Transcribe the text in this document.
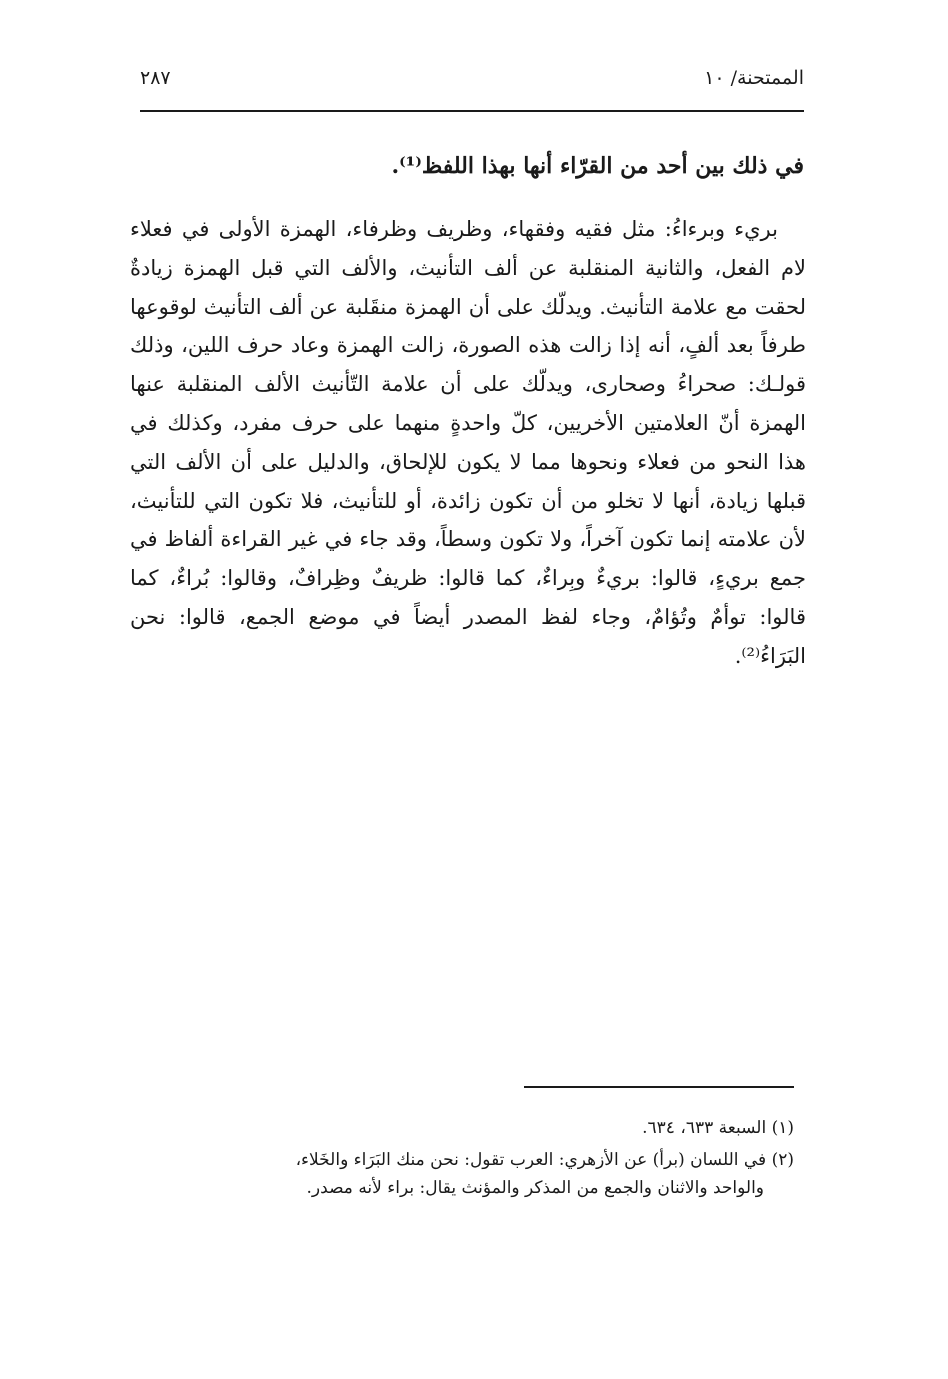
الممتحنة/ ١٠
٢٨٧
في ذلك بين أحد من القرّاء أنها بهذا اللفظ⁽¹⁾.

بريء وبرءاءُ: مثل فقيه وفقهاء، وظريف وظرفاء، الهمزة الأولى في فعلاء لام الفعل، والثانية المنقلبة عن ألف التأنيث، والألف التي قبل الهمزة زيادةٌ لحقت مع علامة التأنيث. ويدلّك على أن الهمزة منقَلبة عن ألف التأنيث لوقوعها طرفاً بعد ألفٍ، أنه إذا زالت هذه الصورة، زالت الهمزة وعاد حرف اللين، وذلك قولـك: صحراءُ وصحارى، ويدلّك على أن علامة التّأنيث الألف المنقلبة عنها الهمزة أنّ العلامتين الأخريين، كلّ واحدةٍ منهما على حرف مفرد، وكذلك في هذا النحو من فعلاء ونحوها مما لا يكون للإلحاق، والدليل على أن الألف التي قبلها زيادة، أنها لا تخلو من أن تكون زائدة، أو للتأنيث، فلا تكون التي للتأنيث، لأن علامته إنما تكون آخراً، ولا تكون وسطاً، وقد جاء في غير القراءة ألفاظ في جمع بريءٍ، قالوا: بريءٌ وبِراءٌ، كما قالوا: ظريفٌ وظِرافٌ، وقالوا: بُراءٌ، كما قالوا: توأمٌ وتُؤامٌ، وجاء لفظ المصدر أيضاً في موضع الجمع، قالوا: نحن البَرَاءُ⁽²⁾.

(١) السبعة ٦٣٣، ٦٣٤.
(٢) في اللسان (برأ) عن الأزهري: العرب تقول: نحن منك البَرَاء والخَلاء،
والواحد والاثنان والجمع من المذكر والمؤنث يقال: براء لأنه مصدر.
